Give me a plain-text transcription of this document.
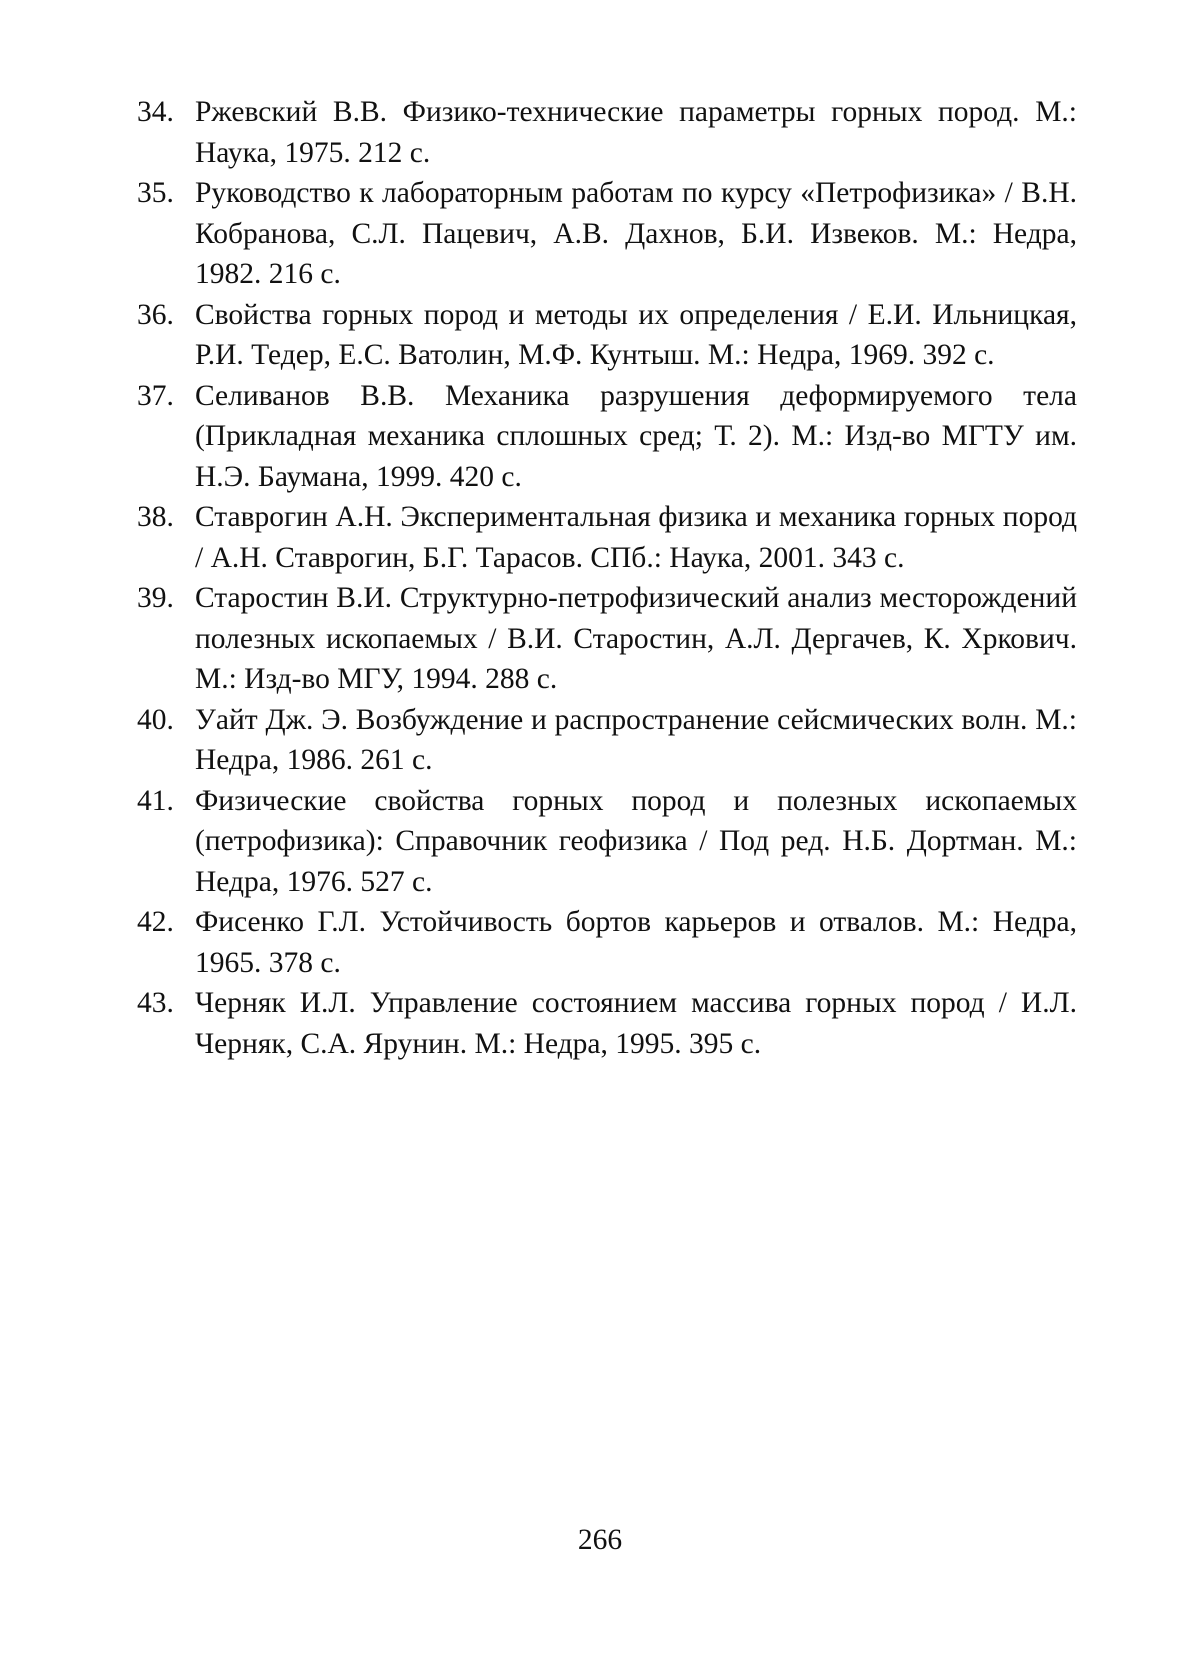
34. Ржевский В.В. Физико-технические параметры горных пород. М.: Наука, 1975. 212 с.
35. Руководство к лабораторным работам по курсу «Петрофизика» / В.Н. Кобранова, С.Л. Пацевич, А.В. Дахнов, Б.И. Извеков. М.: Недра, 1982. 216 с.
36. Свойства горных пород и методы их определения / Е.И. Ильницкая, Р.И. Тедер, Е.С. Ватолин, М.Ф. Кунтыш. М.: Недра, 1969. 392 с.
37. Селиванов В.В. Механика разрушения деформируемого тела (Прикладная механика сплошных сред; Т. 2). М.: Изд-во МГТУ им. Н.Э. Баумана, 1999. 420 с.
38. Ставрогин А.Н. Экспериментальная физика и механика горных пород / А.Н. Ставрогин, Б.Г. Тарасов. СПб.: Наука, 2001. 343 с.
39. Старостин В.И. Структурно-петрофизический анализ месторождений полезных ископаемых / В.И. Старостин, А.Л. Дергачев, К. Хркович. М.: Изд-во МГУ, 1994. 288 с.
40. Уайт Дж. Э. Возбуждение и распространение сейсмических волн. М.: Недра, 1986. 261 с.
41. Физические свойства горных пород и полезных ископаемых (петрофизика): Справочник геофизика / Под ред. Н.Б. Дортман. М.: Недра, 1976. 527 с.
42. Фисенко Г.Л. Устойчивость бортов карьеров и отвалов. М.: Недра, 1965. 378 с.
43. Черняк И.Л. Управление состоянием массива горных пород / И.Л. Черняк, С.А. Ярунин. М.: Недра, 1995. 395 с.
266
